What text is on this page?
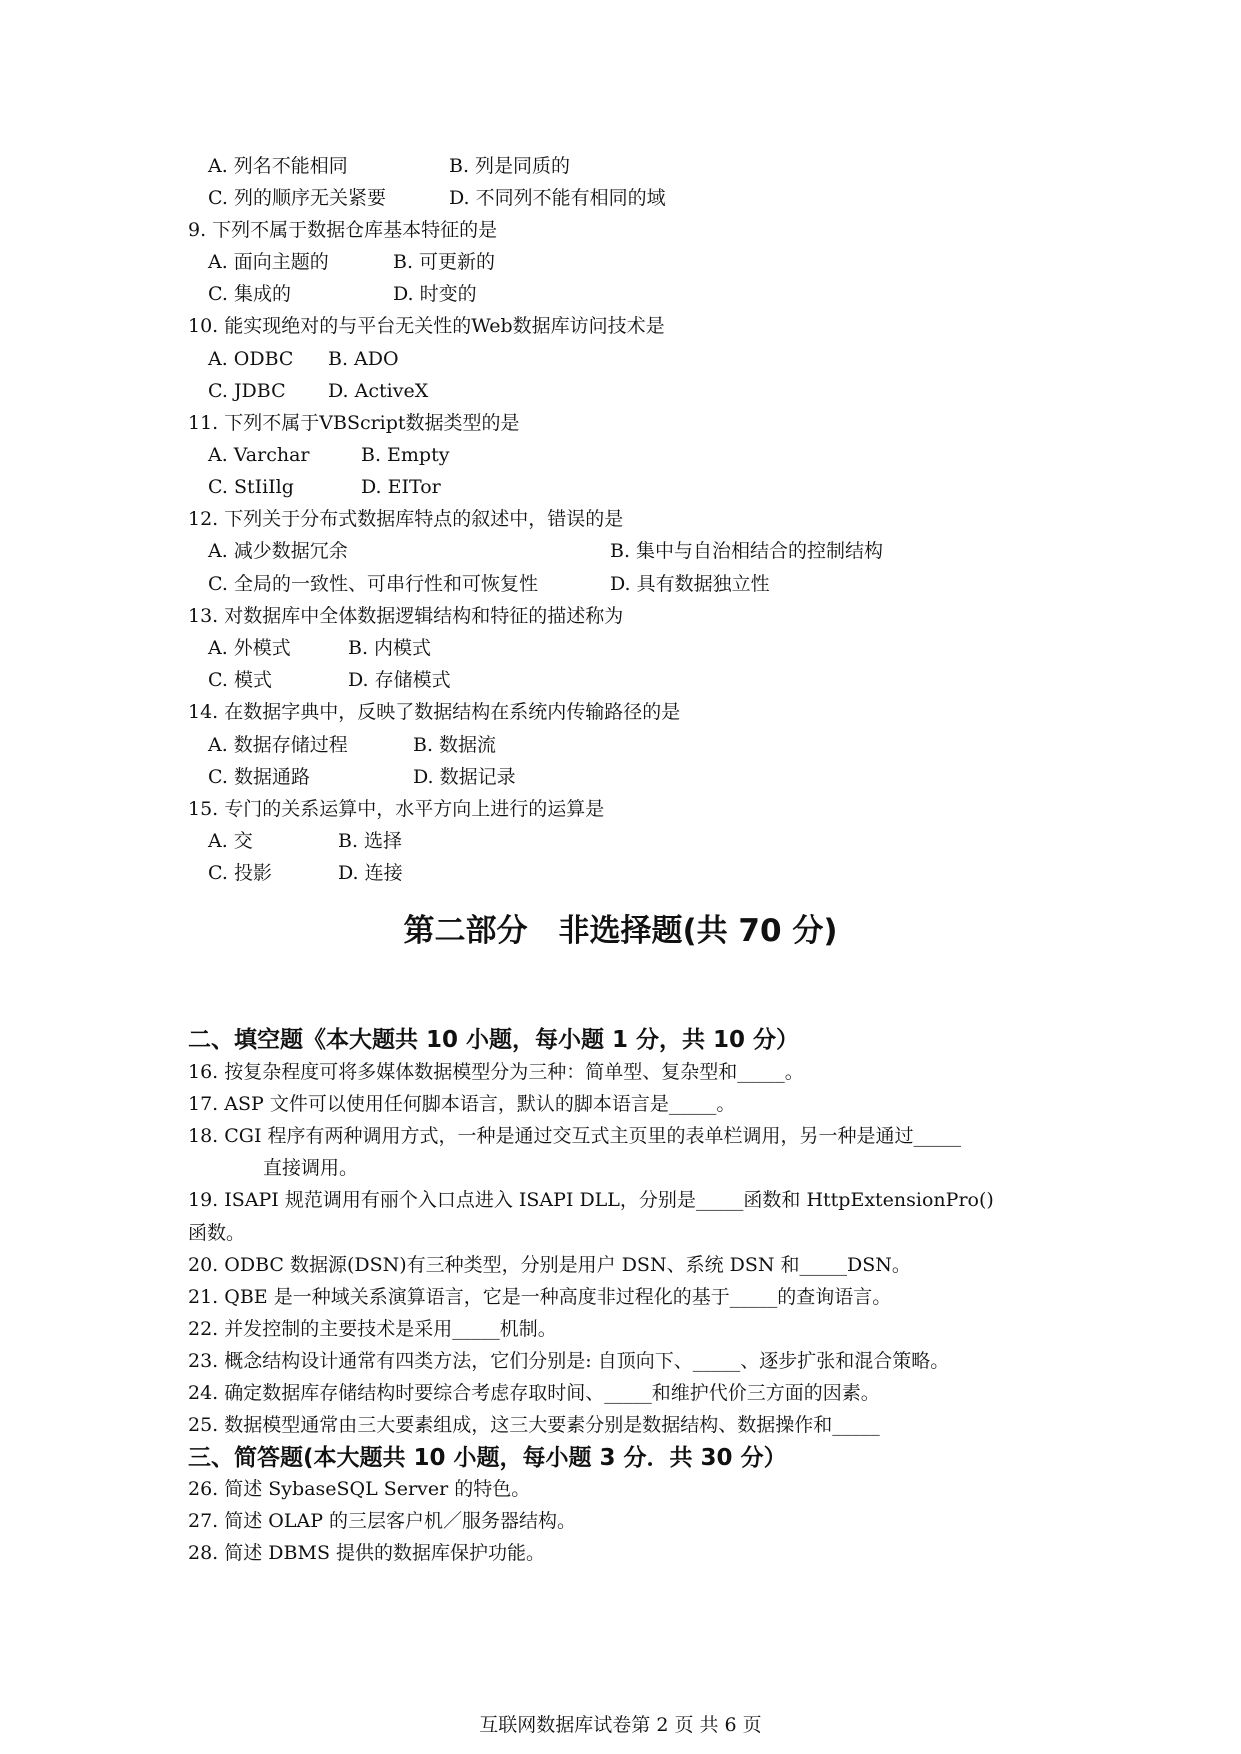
A. 列名不能相同	B. 列是同质的
C. 列的顺序无关紧要	D. 不同列不能有相同的域
9. 下列不属于数据仓库基本特征的是
A. 面向主题的	B. 可更新的
C. 集成的	D. 时变的
10. 能实现绝对的与平台无关性的Web数据库访问技术是
A. ODBC B. ADO
C. JDBC D. ActiveX
11. 下列不属于VBScript数据类型的是
A. Varchar	B. Empty
C. StIiIlg	D. EITor
12. 下列关于分布式数据库特点的叙述中，错误的是
A. 减少数据冗余	B. 集中与自治相结合的控制结构
C. 全局的一致性、可串行性和可恢复性	D. 具有数据独立性
13. 对数据库中全体数据逻辑结构和特征的描述称为
A. 外模式	B. 内模式
C. 模式	D. 存储模式
14. 在数据字典中，反映了数据结构在系统内传输路径的是
A. 数据存储过程	B. 数据流
C. 数据通路	D. 数据记录
15. 专门的关系运算中，水平方向上进行的运算是
A. 交	B. 选择
C. 投影	D. 连接
第二部分　非选择题(共 70 分)
二、填空题《本大题共 10 小题，每小题 1 分，共 10 分）
16. 按复杂程度可将多媒体数据模型分为三种：简单型、复杂型和_____。
17. ASP 文件可以使用任何脚本语言，默认的脚本语言是_____。
18. CGI 程序有两种调用方式，一种是通过交互式主页里的表单栏调用，另一种是通过_____
直接调用。
19. ISAPI 规范调用有丽个入口点进入 ISAPI DLL，分别是_____函数和 HttpExtensionPro()
函数。
20. ODBC 数据源(DSN)有三种类型，分别是用户 DSN、系统 DSN 和_____DSN。
21. QBE 是一种域关系演算语言，它是一种高度非过程化的基于_____的查询语言。
22. 并发控制的主要技术是采用_____机制。
23. 概念结构设计通常有四类方法，它们分别是: 自顶向下、_____、逐步扩张和混合策略。
24. 确定数据库存储结构时要综合考虑存取时间、_____和维护代价三方面的因素。
25. 数据模型通常由三大要素组成，这三大要素分别是数据结构、数据操作和_____
三、简答题(本大题共 10 小题，每小题 3 分．共 30 分）
26. 简述 SybaseSQL Server 的特色。
27. 简述 OLAP 的三层客户机／服务器结构。
28. 简述 DBMS 提供的数据库保护功能。
互联网数据库试卷第 2 页 共 6 页
